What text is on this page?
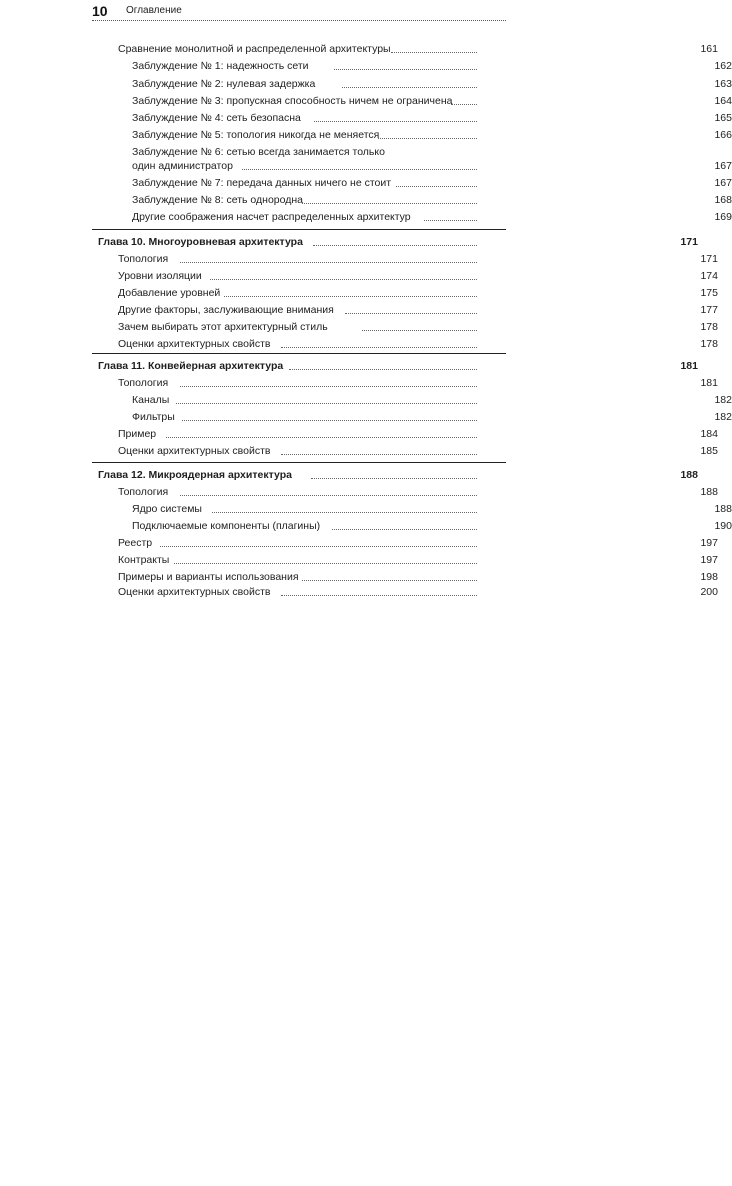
10 Оглавление
Сравнение монолитной и распределенной архитектуры	161
Заблуждение № 1: надежность сети	162
Заблуждение № 2: нулевая задержка	163
Заблуждение № 3: пропускная способность ничем не ограничена	164
Заблуждение № 4: сеть безопасна	165
Заблуждение № 5: топология никогда не меняется	166
Заблуждение № 6: сетью всегда занимается только
один администратор	167
Заблуждение № 7: передача данных ничего не стоит	167
Заблуждение № 8: сеть однородна	168
Другие соображения насчет распределенных архитектур	169
Глава 10. Многоуровневая архитектура	171
Топология	171
Уровни изоляции	174
Добавление уровней	175
Другие факторы, заслуживающие внимания	177
Зачем выбирать этот архитектурный стиль	178
Оценки архитектурных свойств	178
Глава 11. Конвейерная архитектура	181
Топология	181
Каналы	182
Фильтры	182
Пример	184
Оценки архитектурных свойств	185
Глава 12. Микроядерная архитектура	188
Топология	188
Ядро системы	188
Подключаемые компоненты (плагины)	190
Реестр	197
Контракты	197
Примеры и варианты использования	198
Оценки архитектурных свойств	200
